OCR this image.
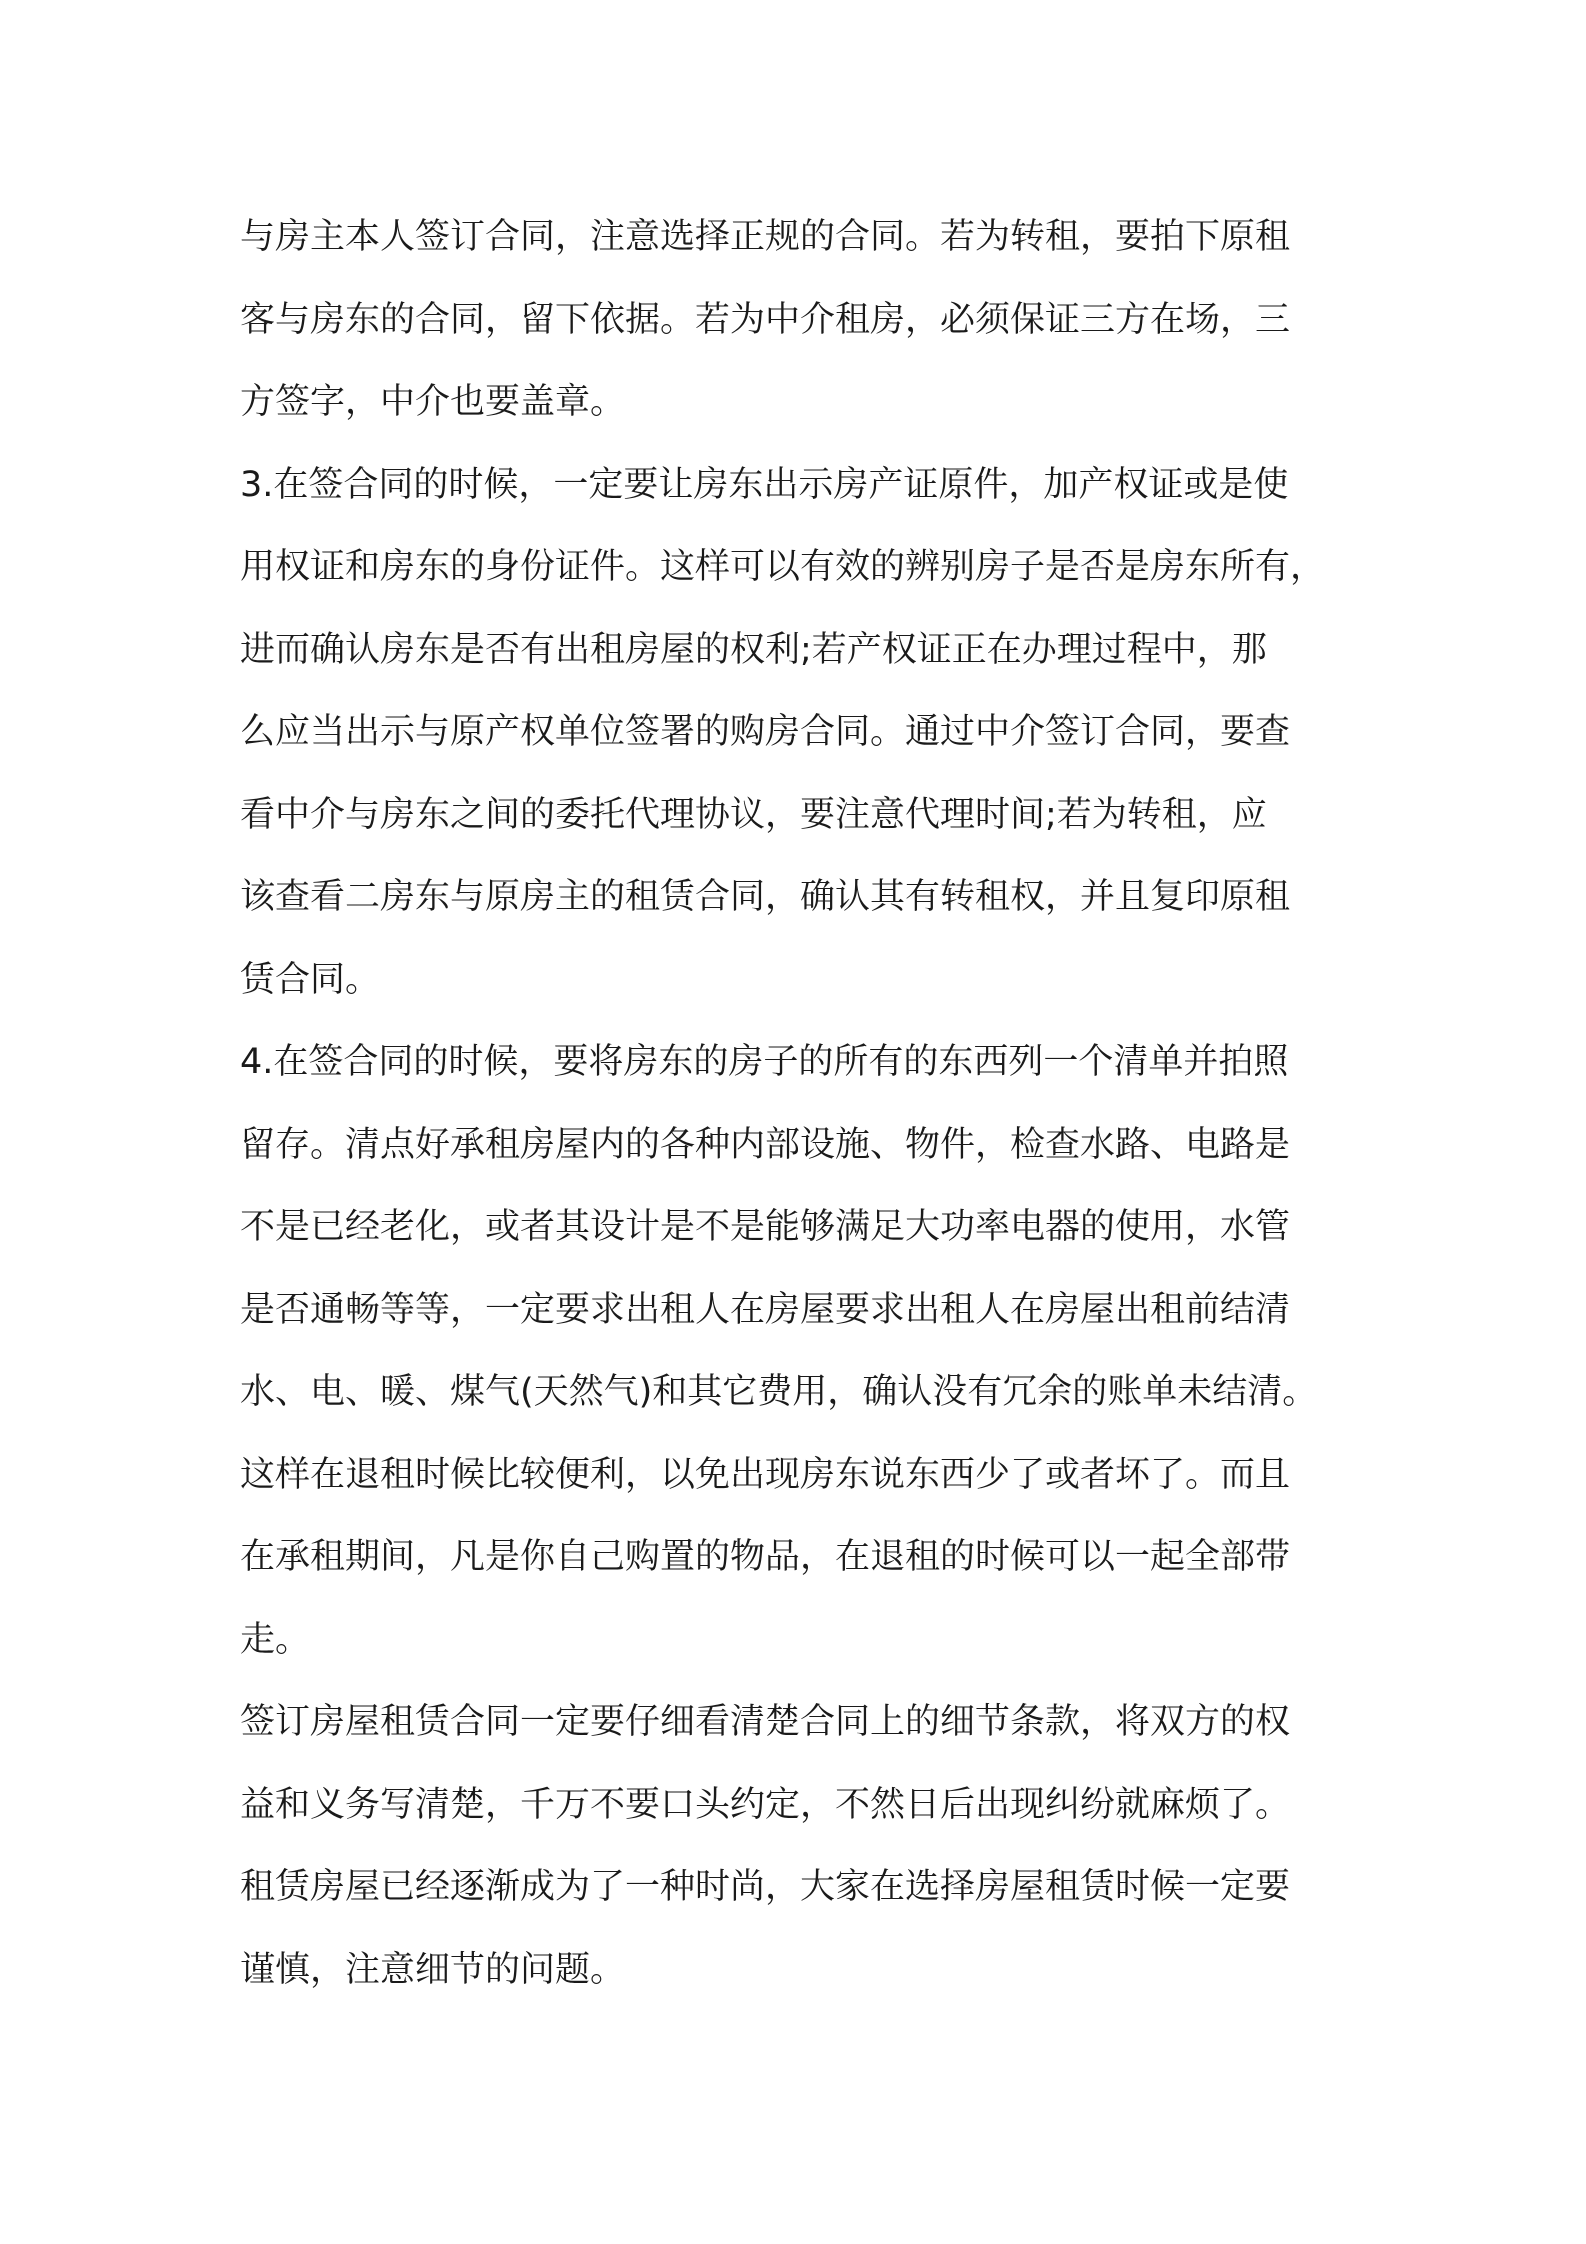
与房主本人签订合同，注意选择正规的合同。若为转租，要拍下原租
客与房东的合同，留下依据。若为中介租房，必须保证三方在场，三
方签字，中介也要盖章。
3.在签合同的时候，一定要让房东出示房产证原件，加产权证或是使
用权证和房东的身份证件。这样可以有效的辨别房子是否是房东所有，
进而确认房东是否有出租房屋的权利;若产权证正在办理过程中，那
么应当出示与原产权单位签署的购房合同。通过中介签订合同，要查
看中介与房东之间的委托代理协议，要注意代理时间;若为转租，应
该查看二房东与原房主的租赁合同，确认其有转租权，并且复印原租
赁合同。
4.在签合同的时候，要将房东的房子的所有的东西列一个清单并拍照
留存。清点好承租房屋内的各种内部设施、物件，检查水路、电路是
不是已经老化，或者其设计是不是能够满足大功率电器的使用，水管
是否通畅等等，一定要求出租人在房屋要求出租人在房屋出租前结清
水、电、暖、煤气(天然气)和其它费用，确认没有冗余的账单未结清。
这样在退租时候比较便利，以免出现房东说东西少了或者坏了。而且
在承租期间，凡是你自己购置的物品，在退租的时候可以一起全部带
走。
签订房屋租赁合同一定要仔细看清楚合同上的细节条款，将双方的权
益和义务写清楚，千万不要口头约定，不然日后出现纠纷就麻烦了。
租赁房屋已经逐渐成为了一种时尚，大家在选择房屋租赁时候一定要
谨慎，注意细节的问题。
